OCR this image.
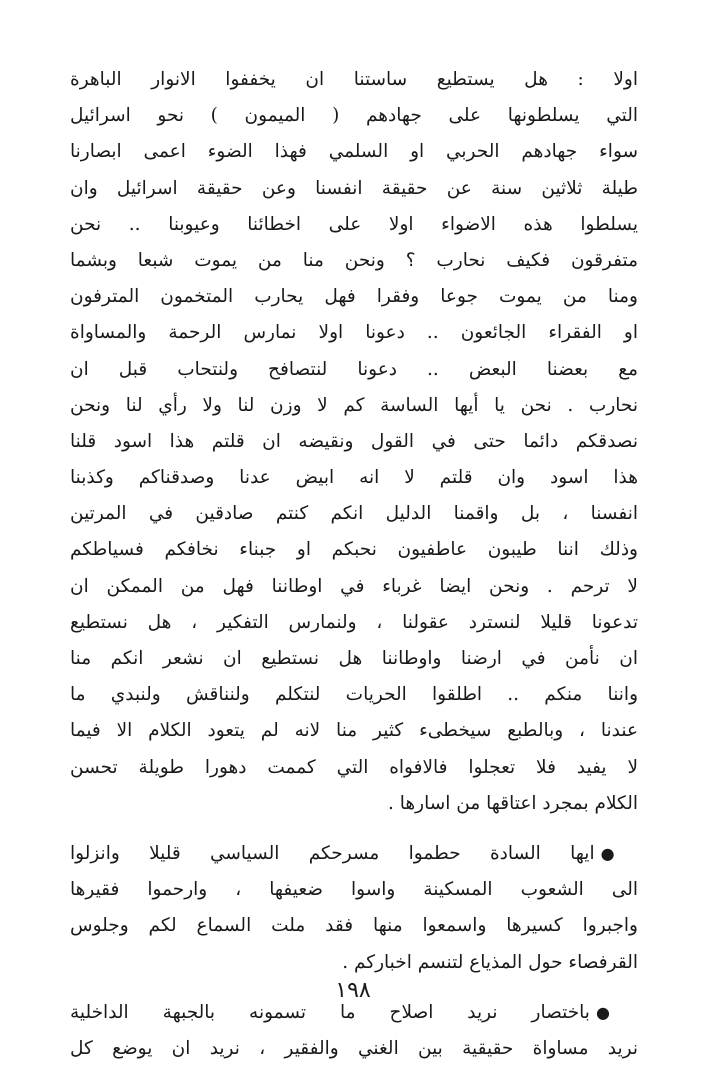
اولا : هل يستطيع ساستنا ان يخففوا الانوار الباهرة
التي يسلطونها على جهادهم ( الميمون ) نحو اسرائيل
سواء جهادهم الحربي او السلمي فهذا الضوء اعمى ابصارنا
طيلة ثلاثين سنة عن حقيقة انفسنا وعن حقيقة اسرائيل وان
يسلطوا هذه الاضواء اولا على اخطائنا وعيوبنا .. نحن
متفرقون فكيف نحارب ؟ ونحن منا من يموت شبعا وبشما
ومنا من يموت جوعا وفقرا فهل يحارب المتخمون المترفون
او الفقراء الجائعون .. دعونا اولا نمارس الرحمة والمساواة
مع بعضنا البعض .. دعونا لنتصافح ولنتحاب قبل ان
نحارب . نحن يا أيها الساسة كم لا وزن لنا ولا رأي لنا ونحن
نصدقكم دائما حتى في القول ونقيضه ان قلتم هذا اسود قلنا
هذا اسود وان قلتم لا انه ابيض عدنا وصدقناكم وكذبنا
انفسنا ، بل واقمنا الدليل انكم كنتم صادقين في المرتين
وذلك اننا طيبون عاطفيون نحبكم او جبناء نخافكم فسياطكم
لا ترحم . ونحن ايضا غرباء في اوطاننا فهل من الممكن ان
تدعونا قليلا لنسترد عقولنا ، ولنمارس التفكير ، هل نستطيع
ان نأمن في ارضنا واوطاننا هل نستطيع ان نشعر انكم منا
واننا منكم .. اطلقوا الحريات لنتكلم ولنناقش ولنبدي ما
عندنا ، وبالطبع سيخطىء كثير منا لانه لم يتعود الكلام الا فيما
لا يفيد فلا تعجلوا فالافواه التي كممت دهورا طويلة تحسن
الكلام بمجرد اعتاقها من اسارها .
●ايها السادة حطموا مسرحكم السياسي قليلا وانزلوا
الى الشعوب المسكينة واسوا ضعيفها ، وارحموا فقيرها
واجبروا كسيرها واسمعوا منها فقد ملت السماع لكم وجلوس
القرفصاء حول المذياع لتنسم اخباركم .
●باختصار نريد اصلاح ما تسمونه بالجبهة الداخلية
نريد مساواة حقيقية بين الغني والفقير ، نريد ان يوضع كل
١٩٨
